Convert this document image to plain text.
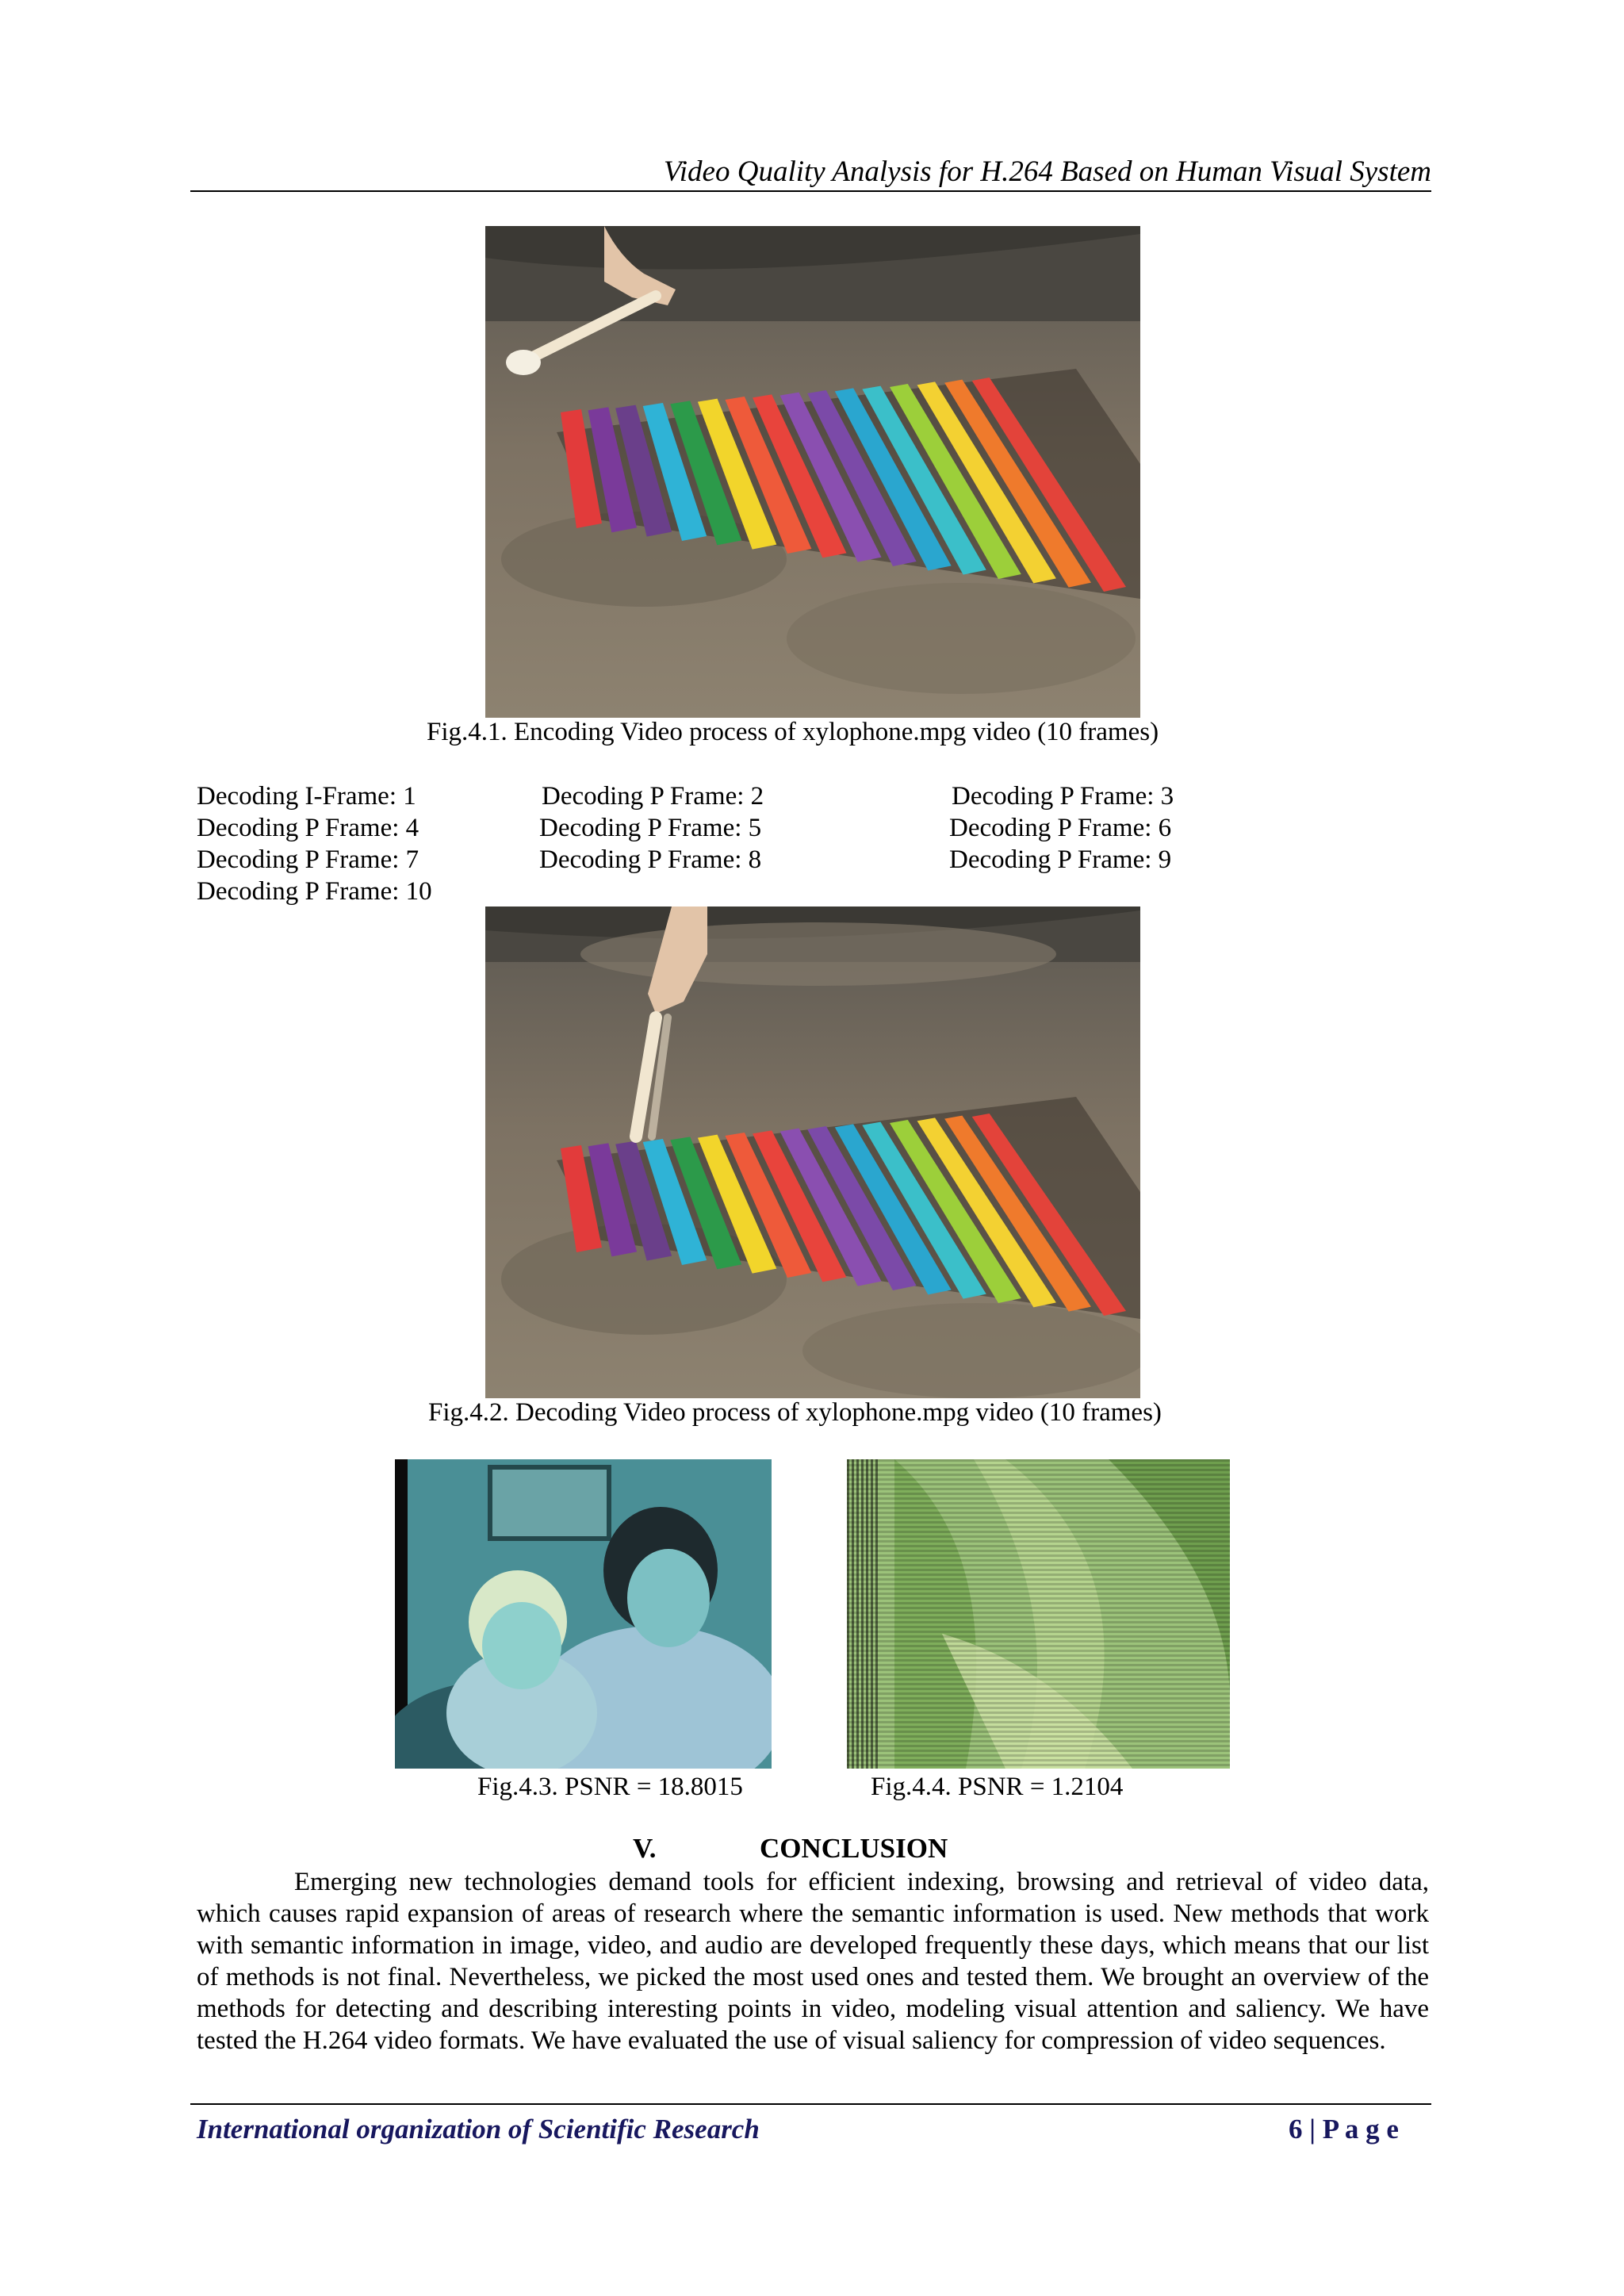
Video Quality Analysis for H.264 Based on Human Visual System
Fig.4.1. Encoding Video process of xylophone.mpg video (10 frames)
Decoding I-Frame: 1	Decoding P Frame: 2	Decoding P Frame: 3
Decoding P Frame: 4	Decoding P Frame: 5	Decoding P Frame: 6
Decoding P Frame: 7	Decoding P Frame: 8	Decoding P Frame: 9
Decoding P Frame: 10
Fig.4.2. Decoding Video process of xylophone.mpg video (10 frames)
Fig.4.3. PSNR = 18.8015	Fig.4.4. PSNR = 1.2104
V.	CONCLUSION
Emerging new technologies demand tools for efficient indexing, browsing and retrieval of video data, which causes rapid expansion of areas of research where the semantic information is used. New methods that work with semantic information in image, video, and audio are developed frequently these days, which means that our list of methods is not final. Nevertheless, we picked the most used ones and tested them. We brought an overview of the methods for detecting and describing interesting points in video, modeling visual attention and saliency. We have tested the H.264 video formats. We have evaluated the use of visual saliency for compression of video sequences.
International organization of Scientific Research	6 | P a g e
